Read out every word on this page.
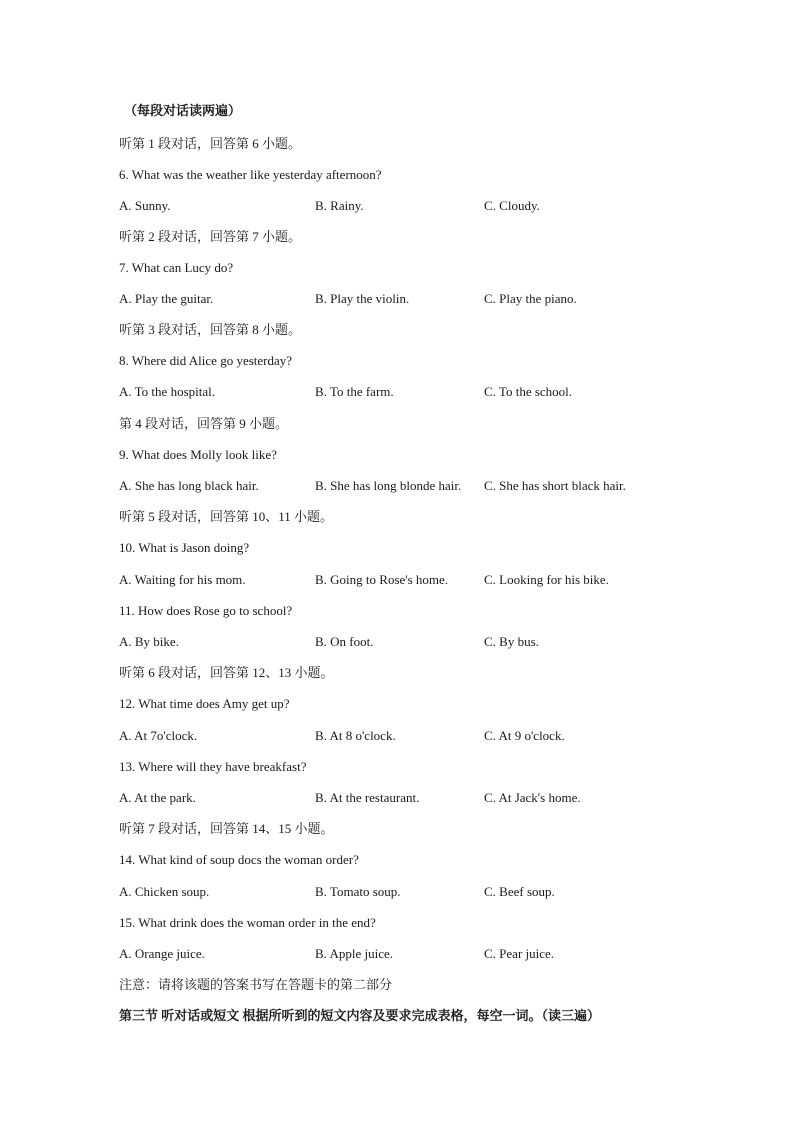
（每段对话读两遍）
听第 1 段对话，回答第 6 小题。
6. What was the weather like yesterday afternoon?
A. Sunny.	B. Rainy.	C. Cloudy.
听第 2 段对话，回答第 7 小题。
7. What can Lucy do?
A. Play the guitar.	B. Play the violin.	C. Play the piano.
听第 3 段对话，回答第 8 小题。
8. Where did Alice go yesterday?
A. To the hospital.	B. To the farm.	C. To the school.
第 4 段对话，回答第 9 小题。
9. What does Molly look like?
A. She has long black hair.	B. She has long blonde hair. C. She has short black hair.
听第 5 段对话，回答第 10、11 小题。
10. What is Jason doing?
A. Waiting for his mom.	B. Going to Rose's home.	C. Looking for his bike.
11. How does Rose go to school?
A. By bike.	B. On foot.	C. By bus.
听第 6 段对话，回答第 12、13 小题。
12. What time does Amy get up?
A. At 7o'clock.	B. At 8 o'clock.	C. At 9 o'clock.
13. Where will they have breakfast?
A. At the park.	B. At the restaurant.	C. At Jack's home.
听第 7 段对话，回答第 14、15 小题。
14. What kind of soup docs the woman order?
A. Chicken soup.	B. Tomato soup.	C. Beef soup.
15. What drink does the woman order in the end?
A. Orange juice.	B. Apple juice.	C. Pear juice.
注意：请将该题的答案书写在答题卡的第二部分
第三节 听对话或短文 根据所听到的短文内容及要求完成表格，每空一词。（读三遍）
